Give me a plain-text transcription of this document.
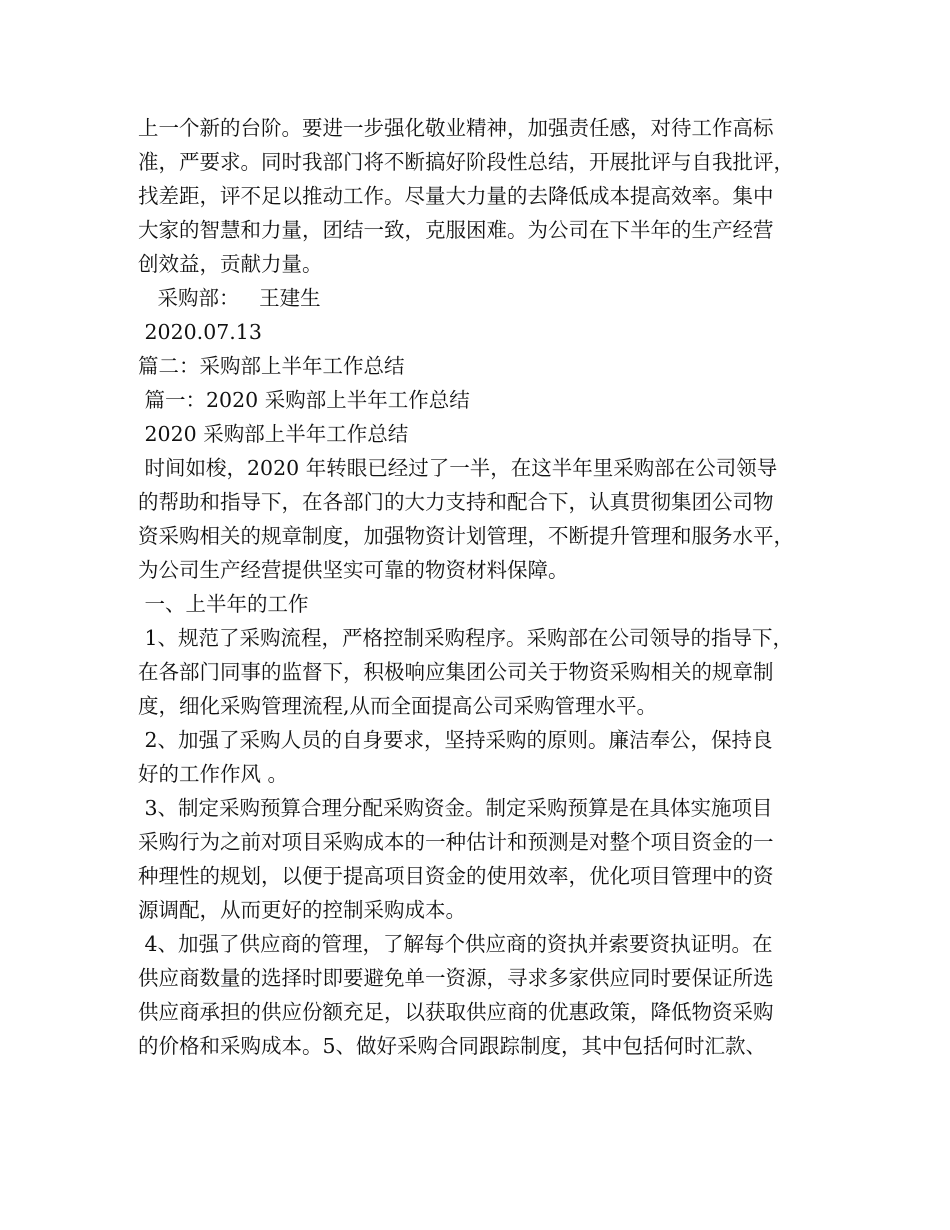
上一个新的台阶。要进一步强化敬业精神，加强责任感，对待工作高标
准，严要求。同时我部门将不断搞好阶段性总结，开展批评与自我批评，
找差距，评不足以推动工作。尽量大力量的去降低成本提高效率。集中
大家的智慧和力量，团结一致，克服困难。为公司在下半年的生产经营
创效益，贡献力量。
采购部：   王建生
2020.07.13
篇二：采购部上半年工作总结
篇一：2020 采购部上半年工作总结
2020 采购部上半年工作总结
时间如梭，2020 年转眼已经过了一半，在这半年里采购部在公司领导
的帮助和指导下，在各部门的大力支持和配合下，认真贯彻集团公司物
资采购相关的规章制度，加强物资计划管理，不断提升管理和服务水平，
为公司生产经营提供坚实可靠的物资材料保障。
一、上半年的工作
1、规范了采购流程，严格控制采购程序。采购部在公司领导的指导下，
在各部门同事的监督下，积极响应集团公司关于物资采购相关的规章制
度，细化采购管理流程,从而全面提高公司采购管理水平。
2、加强了采购人员的自身要求，坚持采购的原则。廉洁奉公，保持良
好的工作作风 。
3、制定采购预算合理分配采购资金。制定采购预算是在具体实施项目
采购行为之前对项目采购成本的一种估计和预测是对整个项目资金的一
种理性的规划，以便于提高项目资金的使用效率，优化项目管理中的资
源调配，从而更好的控制采购成本。
4、加强了供应商的管理，了解每个供应商的资执并索要资执证明。在
供应商数量的选择时即要避免单一资源，寻求多家供应同时要保证所选
供应商承担的供应份额充足，以获取供应商的优惠政策，降低物资采购
的价格和采购成本。5、做好采购合同跟踪制度，其中包括何时汇款、
